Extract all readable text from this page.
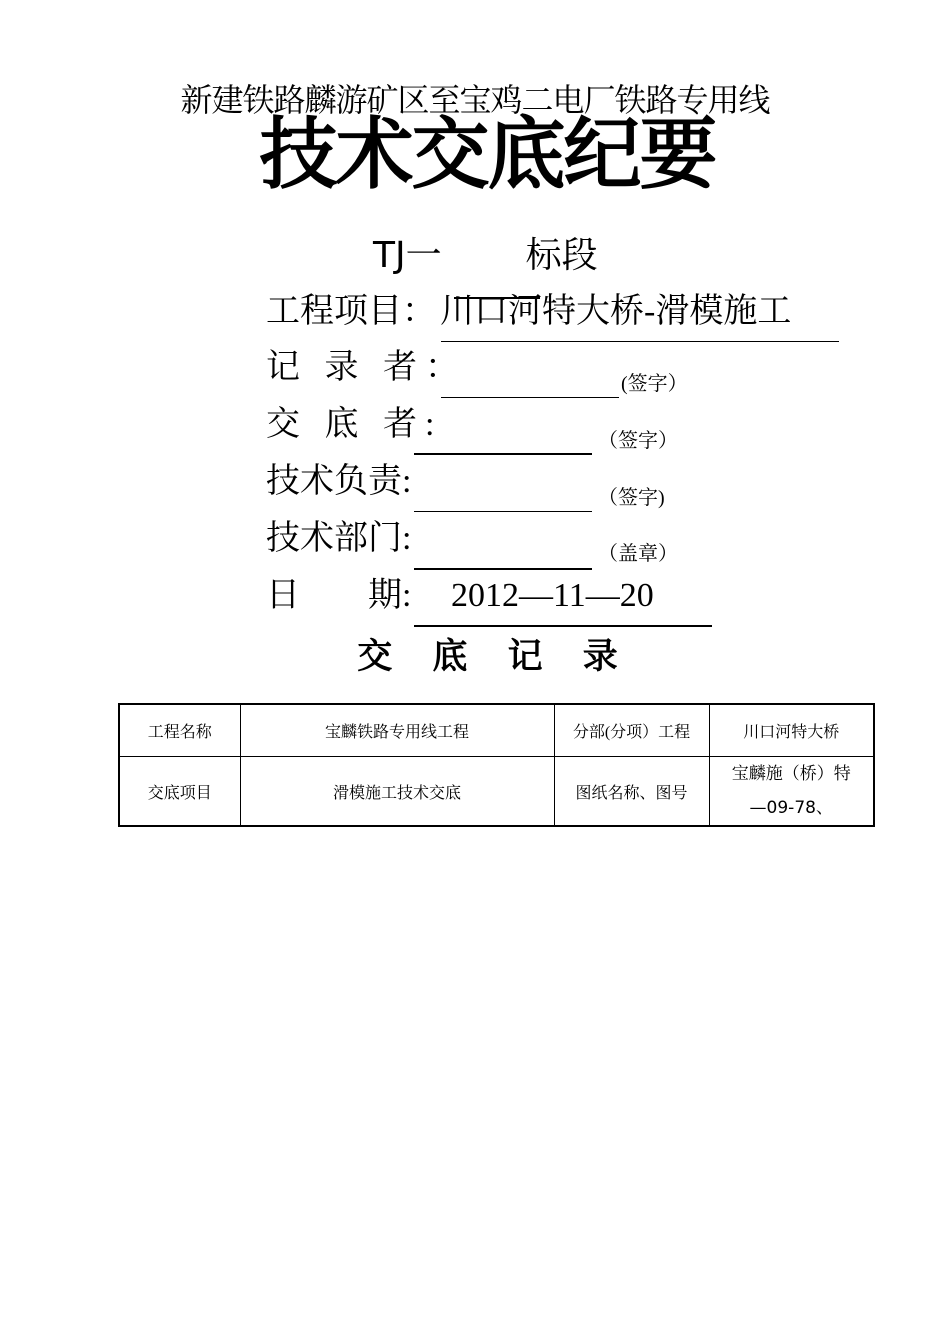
新建铁路麟游矿区至宝鸡二电厂铁路专用线
技术交底纪要
TJ一 标段
工程项目： 川口河特大桥-滑模施工
记 录 者：	(签字）
交 底 者:	（签字）
技术负责:	（签字)
技术部门:	（盖章）
日        期: 2012—11—20
交 底 记 录
工程名称	宝麟铁路专用线工程	分部(分项）工程	川口河特大桥
交底项目	滑模施工技术交底	图纸名称、图号	宝麟施（桥）特
—09-78、
